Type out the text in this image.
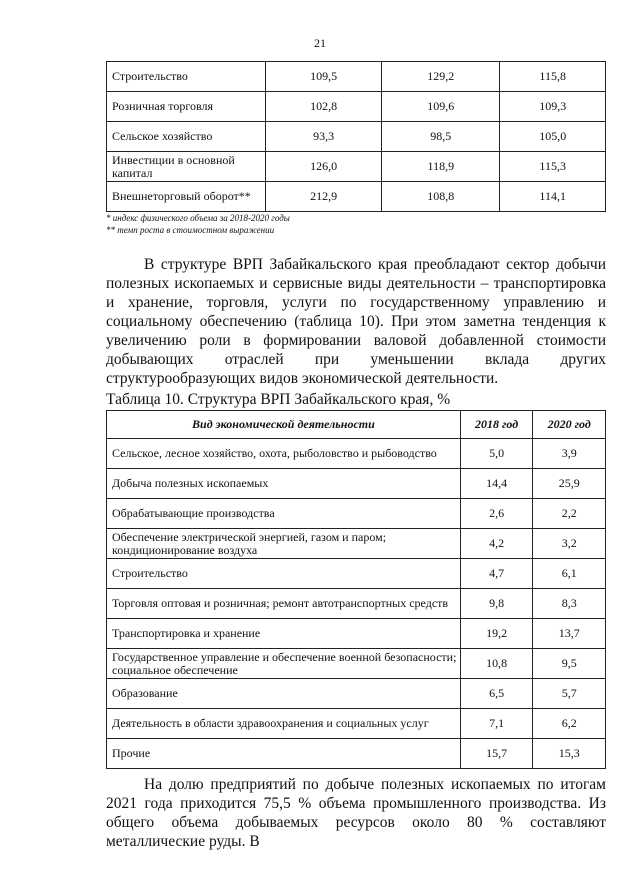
21
Строительство	109,5	129,2	115,8
Розничная торговля	102,8	109,6	109,3
Сельское хозяйство	93,3	98,5	105,0
Инвестиции в основной капитал	126,0	118,9	115,3
Внешнеторговый оборот**	212,9	108,8	114,1
* индекс физического объема за 2018-2020 годы
** темп роста в стоимостном выражении

В структуре ВРП Забайкальского края преобладают сектор добычи полезных ископаемых и сервисные виды деятельности – транспортировка и хранение, торговля, услуги по государственному управлению и социальному обеспечению (таблица 10). При этом заметна тенденция к увеличению роли в формировании валовой добавленной стоимости добывающих отраслей при уменьшении вклада других структурообразующих видов экономической деятельности.

Таблица 10. Структура ВРП Забайкальского края, %
Вид экономической деятельности	2018 год	2020 год
Сельское, лесное хозяйство, охота, рыболовство и рыбоводство	5,0	3,9
Добыча полезных ископаемых	14,4	25,9
Обрабатывающие производства	2,6	2,2
Обеспечение электрической энергией, газом и паром; кондиционирование воздуха	4,2	3,2
Строительство	4,7	6,1
Торговля оптовая и розничная; ремонт автотранспортных средств	9,8	8,3
Транспортировка и хранение	19,2	13,7
Государственное управление и обеспечение военной безопасности; социальное обеспечение	10,8	9,5
Образование	6,5	5,7
Деятельность в области здравоохранения и социальных услуг	7,1	6,2
Прочие	15,7	15,3

На долю предприятий по добыче полезных ископаемых по итогам 2021 года приходится 75,5 % объема промышленного производства. Из общего объема добываемых ресурсов около 80 % составляют металлические руды. В
